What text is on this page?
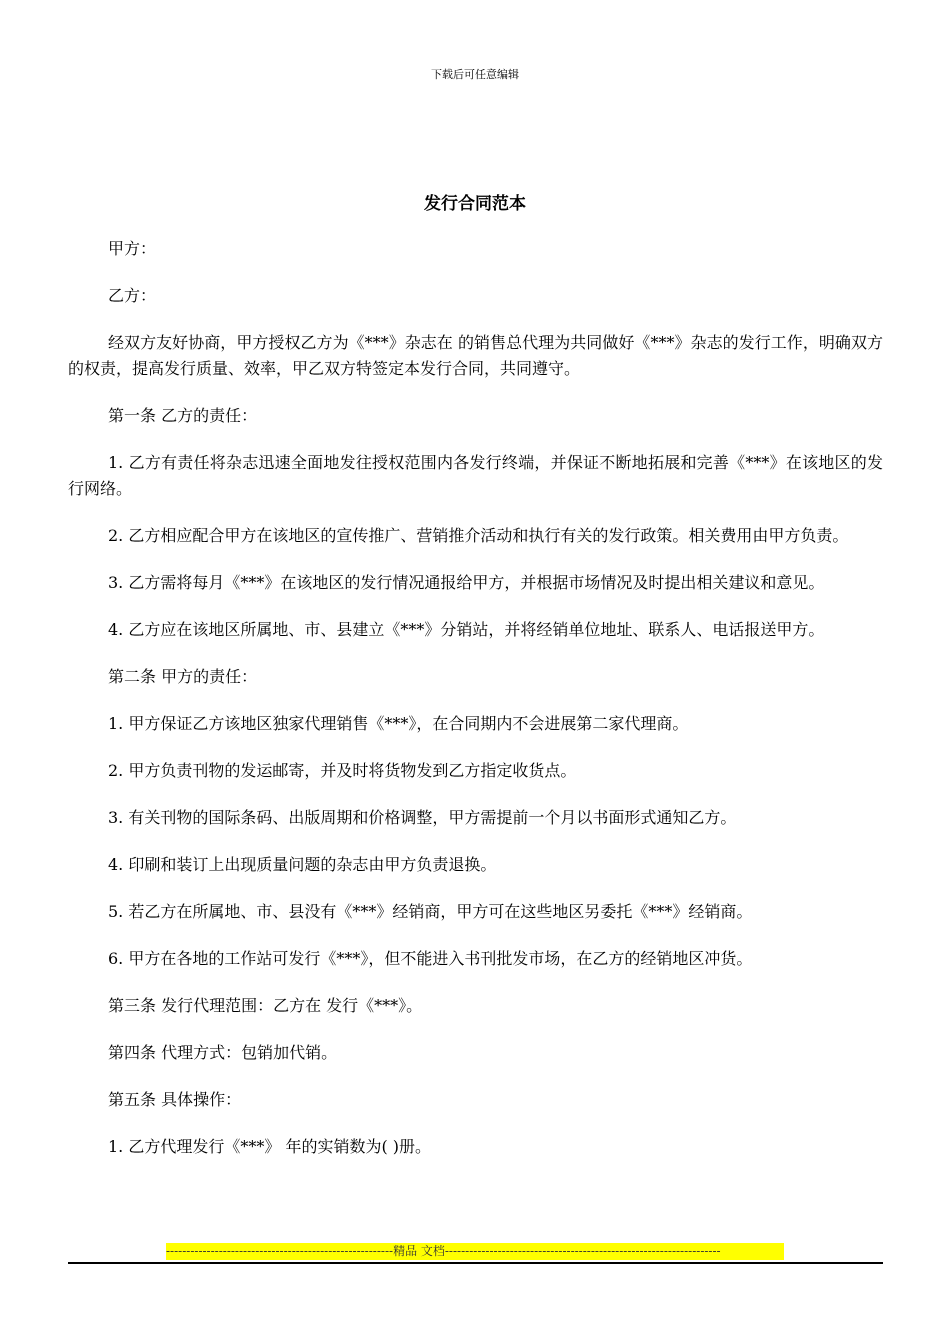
下载后可任意编辑
发行合同范本

甲方：

乙方：

经双方友好协商，甲方授权乙方为《***》杂志在 的销售总代理为共同做好《***》杂志的发行工作，明确双方的权责，提高发行质量、效率，甲乙双方特签定本发行合同，共同遵守。

第一条 乙方的责任：

1. 乙方有责任将杂志迅速全面地发往授权范围内各发行终端，并保证不断地拓展和完善《***》在该地区的发行网络。

2. 乙方相应配合甲方在该地区的宣传推广、营销推介活动和执行有关的发行政策。相关费用由甲方负责。

3. 乙方需将每月《***》在该地区的发行情况通报给甲方，并根据市场情况及时提出相关建议和意见。

4. 乙方应在该地区所属地、市、县建立《***》分销站，并将经销单位地址、联系人、电话报送甲方。

第二条 甲方的责任：

1. 甲方保证乙方该地区独家代理销售《***》，在合同期内不会进展第二家代理商。

2. 甲方负责刊物的发运邮寄，并及时将货物发到乙方指定收货点。

3. 有关刊物的国际条码、出版周期和价格调整，甲方需提前一个月以书面形式通知乙方。

4. 印刷和装订上出现质量问题的杂志由甲方负责退换。

5. 若乙方在所属地、市、县没有《***》经销商，甲方可在这些地区另委托《***》经销商。

6. 甲方在各地的工作站可发行《***》，但不能进入书刊批发市场，在乙方的经销地区冲货。

第三条 发行代理范围：乙方在 发行《***》。

第四条 代理方式：包销加代销。

第五条 具体操作：

1. 乙方代理发行《***》 年的实销数为( )册。

--------------------------------------------------------精品 文档--------------------------------------------------------------------
